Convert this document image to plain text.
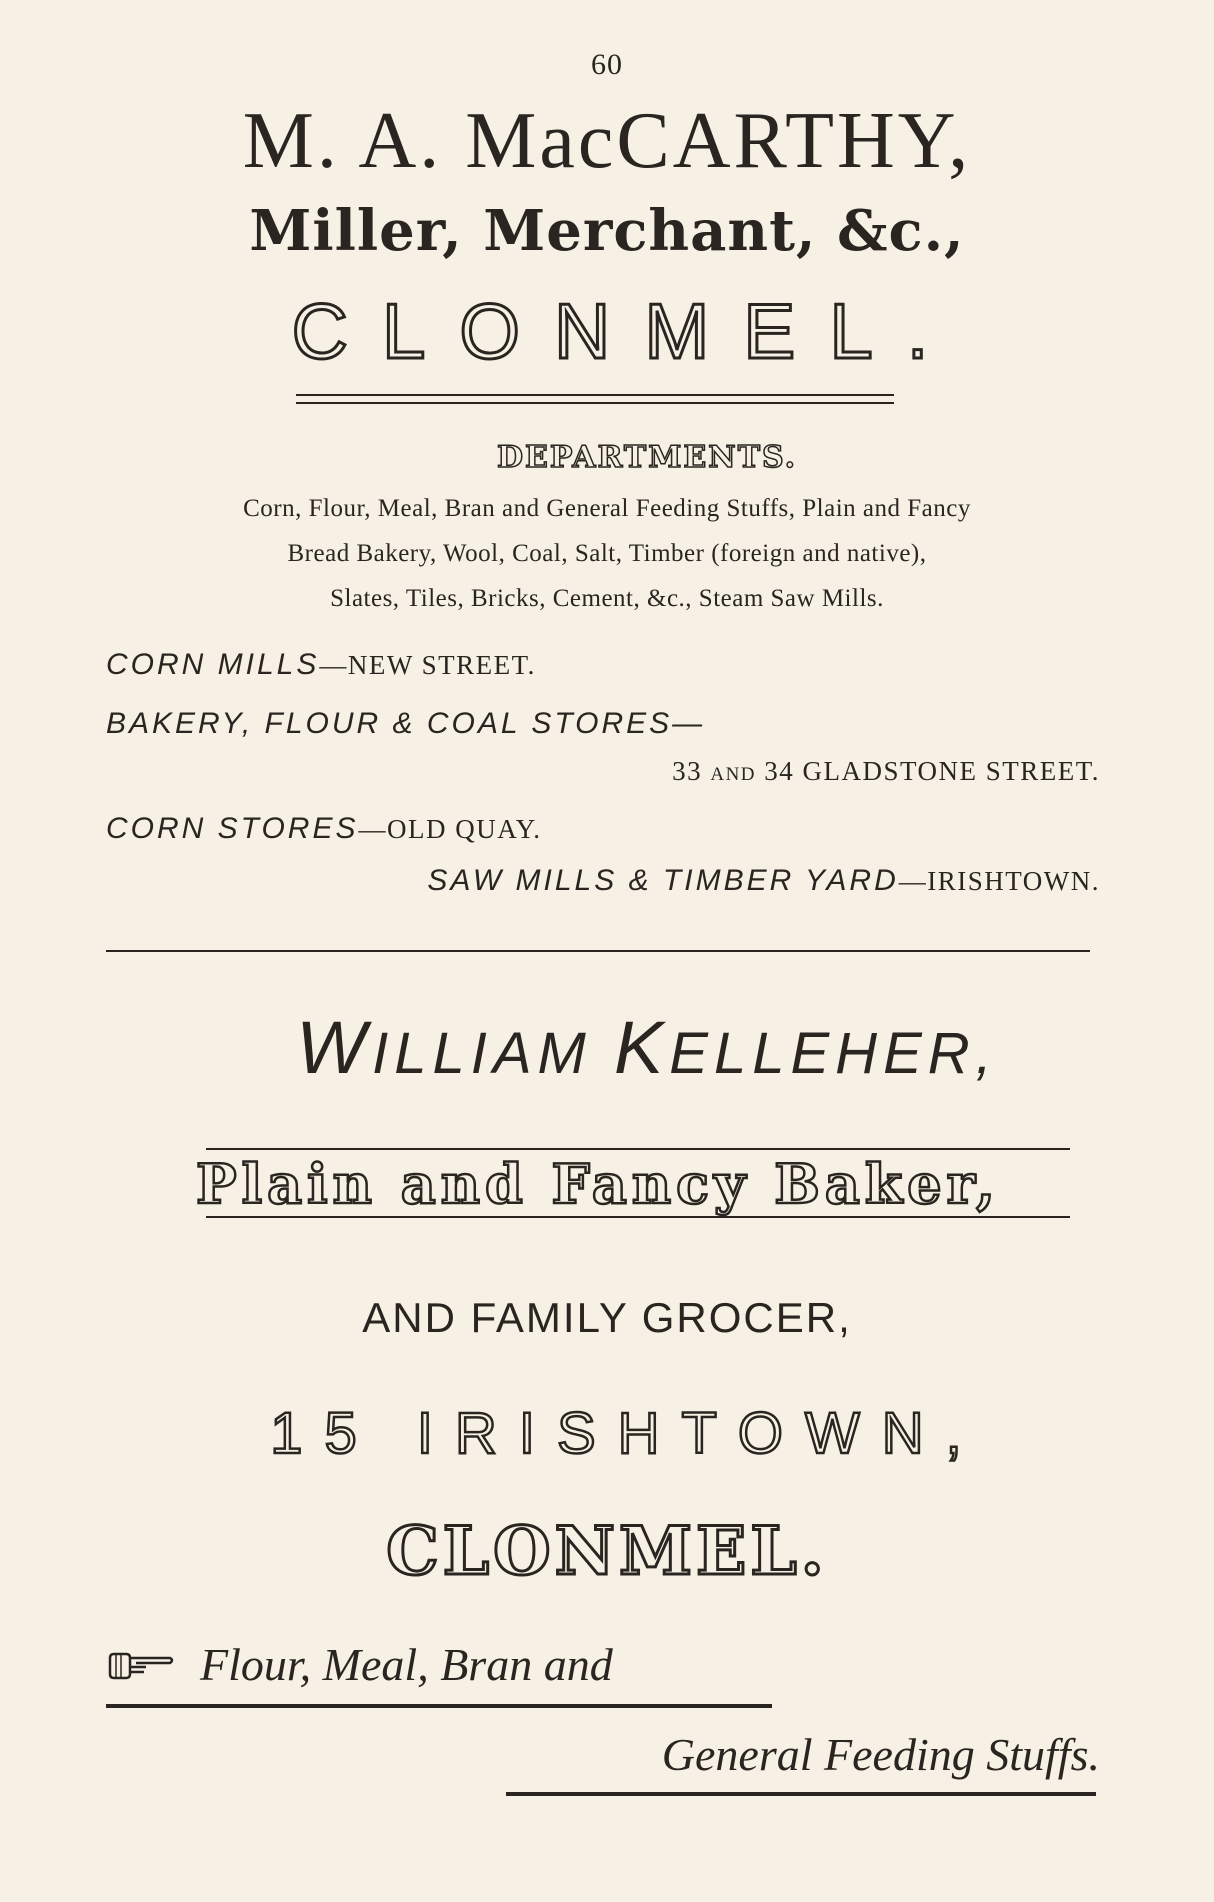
60
M. A. MacCARTHY,
Miller, Merchant, &c.,
CLONMEL.
DEPARTMENTS.
Corn, Flour, Meal, Bran and General Feeding Stuffs, Plain and Fancy
Bread Bakery, Wool, Coal, Salt, Timber (foreign and native),
Slates, Tiles, Bricks, Cement, &c., Steam Saw Mills.
CORN MILLS—NEW STREET.
BAKERY, FLOUR & COAL STORES—
33 and 34 GLADSTONE STREET.
CORN STORES—OLD QUAY.
SAW MILLS & TIMBER YARD—IRISHTOWN.
WILLIAM KELLEHER,
Plain and Fancy Baker,
AND FAMILY GROCER,
15 IRISHTOWN,
CLONMEL.
Flour, Meal, Bran and
General Feeding Stuffs.
